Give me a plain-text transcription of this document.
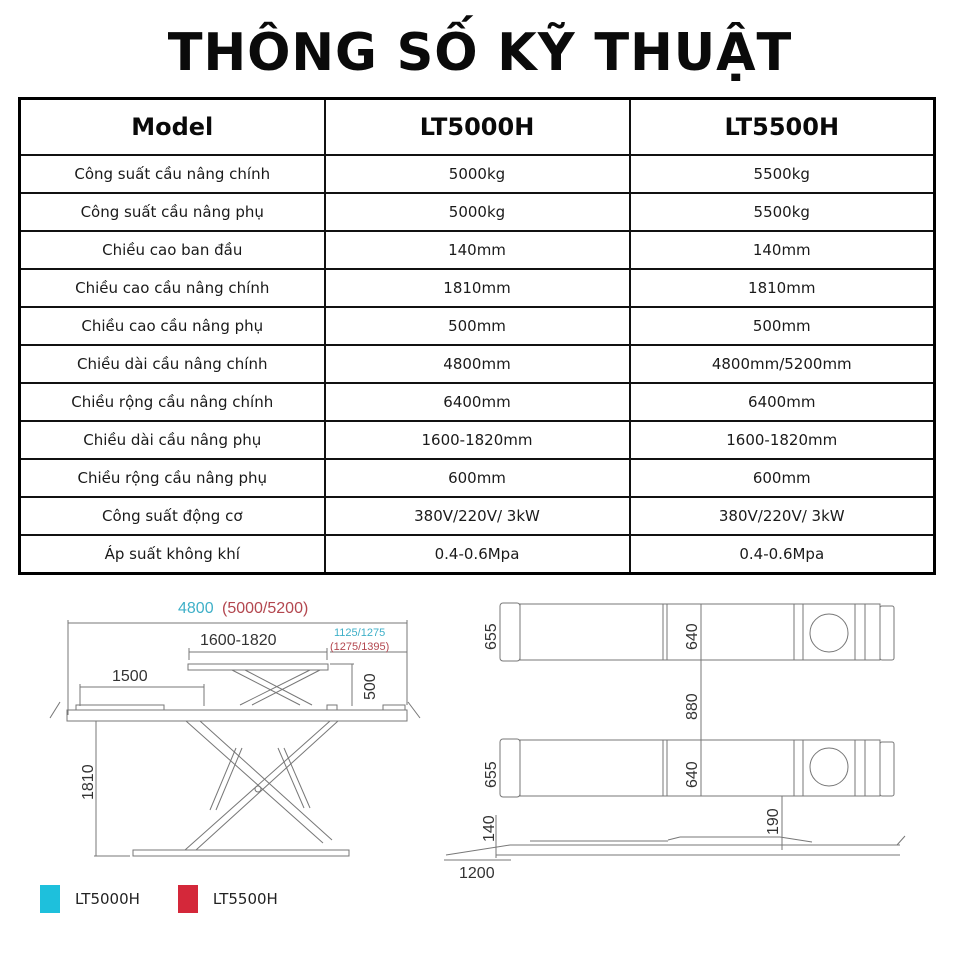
THÔNG SỐ KỸ THUẬT
Model	LT5000H	LT5500H
Công suất cầu nâng chính	5000kg	5500kg
Công suất cầu nâng phụ	5000kg	5500kg
Chiều cao ban đầu	140mm	140mm
Chiều cao cầu nâng chính	1810mm	1810mm
Chiều cao cầu nâng phụ	500mm	500mm
Chiều dài cầu nâng chính	4800mm	4800mm/5200mm
Chiều rộng cầu nâng chính	6400mm	6400mm
Chiều dài cầu nâng phụ	1600-1820mm	1600-1820mm
Chiều rộng cầu nâng phụ	600mm	600mm
Công suất động cơ	380V/220V/ 3kW	380V/220V/ 3kW
Áp suất không khí	0.4-0.6Mpa	0.4-0.6Mpa
4800 (5000/5200)
1600-1820	1125/1275
(1275/1395)
1500	500
1810
655	640
880
655	640
140	190
1200
LT5000H	LT5500H
